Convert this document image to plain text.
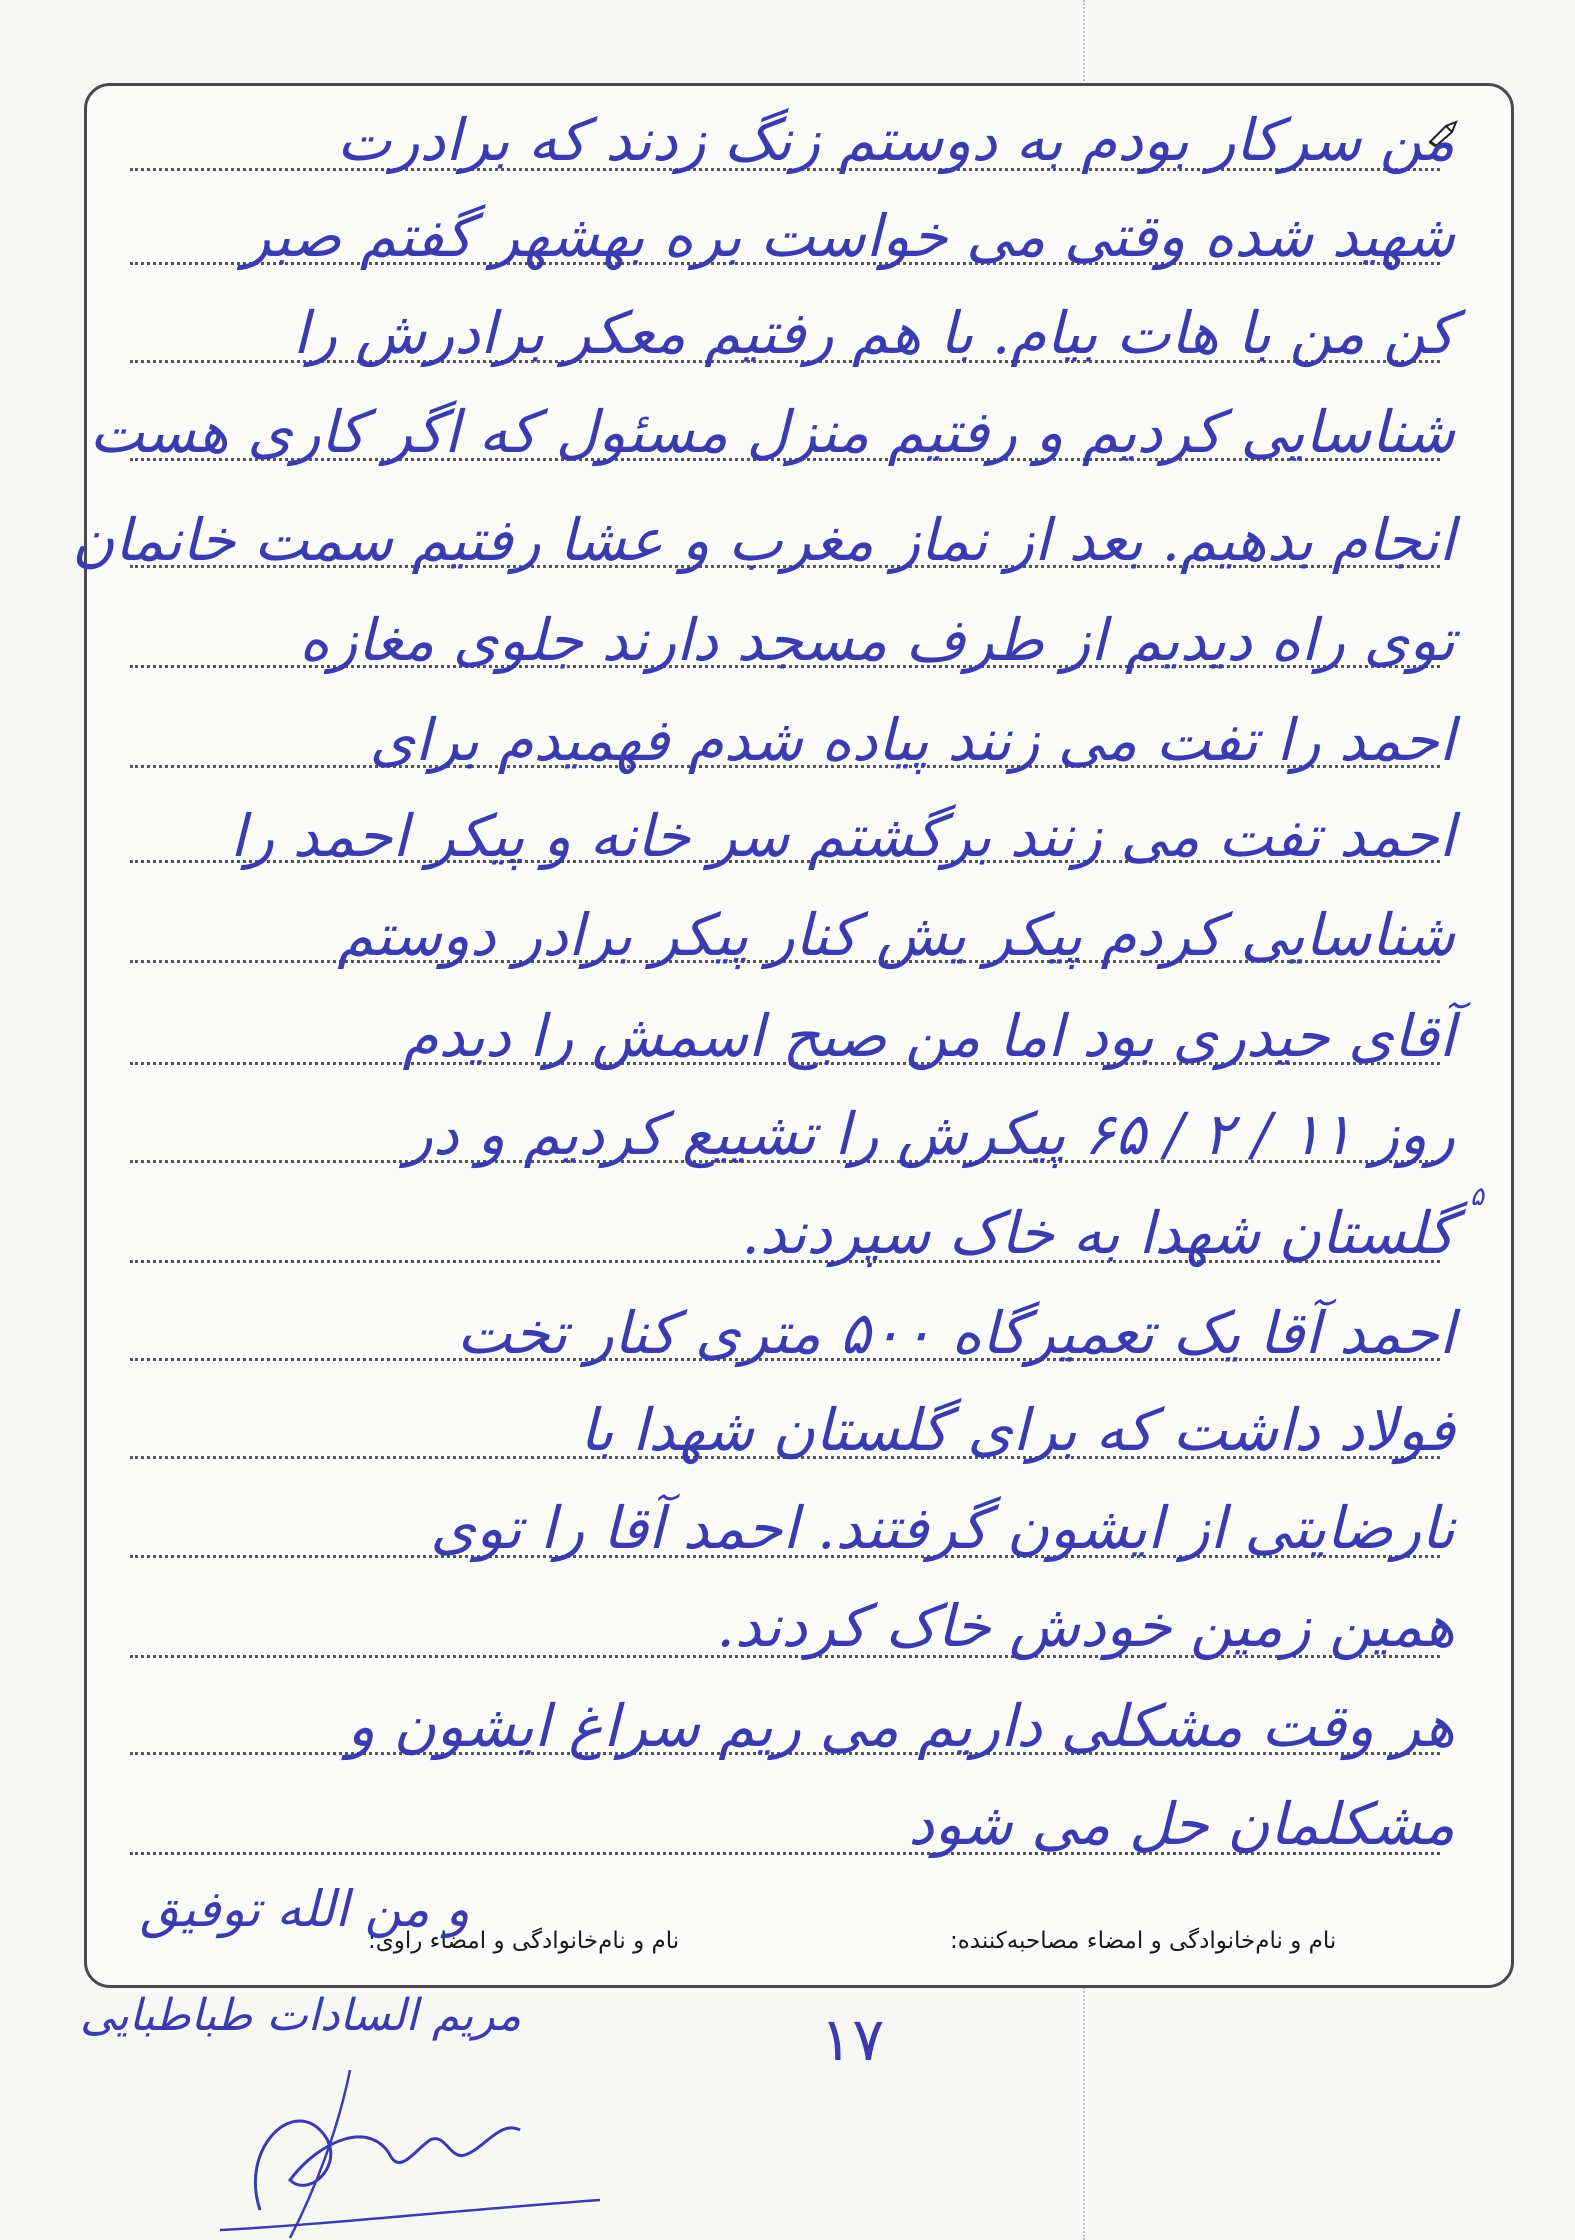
من سرکار بودم به دوستم زنگ زدند که برادرت
شهید شده وقتی می خواست بره بهشهر گفتم صبر
کن من با هات بیام. با هم رفتیم معکر برادرش را
شناسایی کردیم و رفتیم منزل مسئول که اگر کاری هست
انجام بدهیم. بعد از نماز مغرب و عشا رفتیم سمت خانمان
توی راه دیدیم از طرف مسجد دارند جلوی مغازه
احمد را تفت می زنند پیاده شدم فهمیدم برای
احمد تفت می زنند برگشتم سر خانه و پیکر احمد را
شناسایی کردم پیکر یش کنار پیکر برادر دوستم
آقای حیدری بود اما من صبح اسمش را دیدم
روز ۱۱ / ۲ / ۶۵ پیکرش را تشییع کردیم و در
گلستان شهدا به خاک سپردند.
احمد آقا یک تعمیرگاه ۵۰۰ متری کنار تخت
فولاد داشت که برای گلستان شهدا با
نارضایتی از ایشون گرفتند. احمد آقا را توی
همین زمین خودش خاک کردند.
هر وقت مشکلی داریم می ریم سراغ ایشون و
مشکلمان حل می شود
۵
نام و نام‌خانوادگی و امضاء مصاحبه‌کننده:
نام و نام‌خانوادگی و امضاء راوی:
و من الله توفیق
مریم السادات طباطبایی	۱۷
